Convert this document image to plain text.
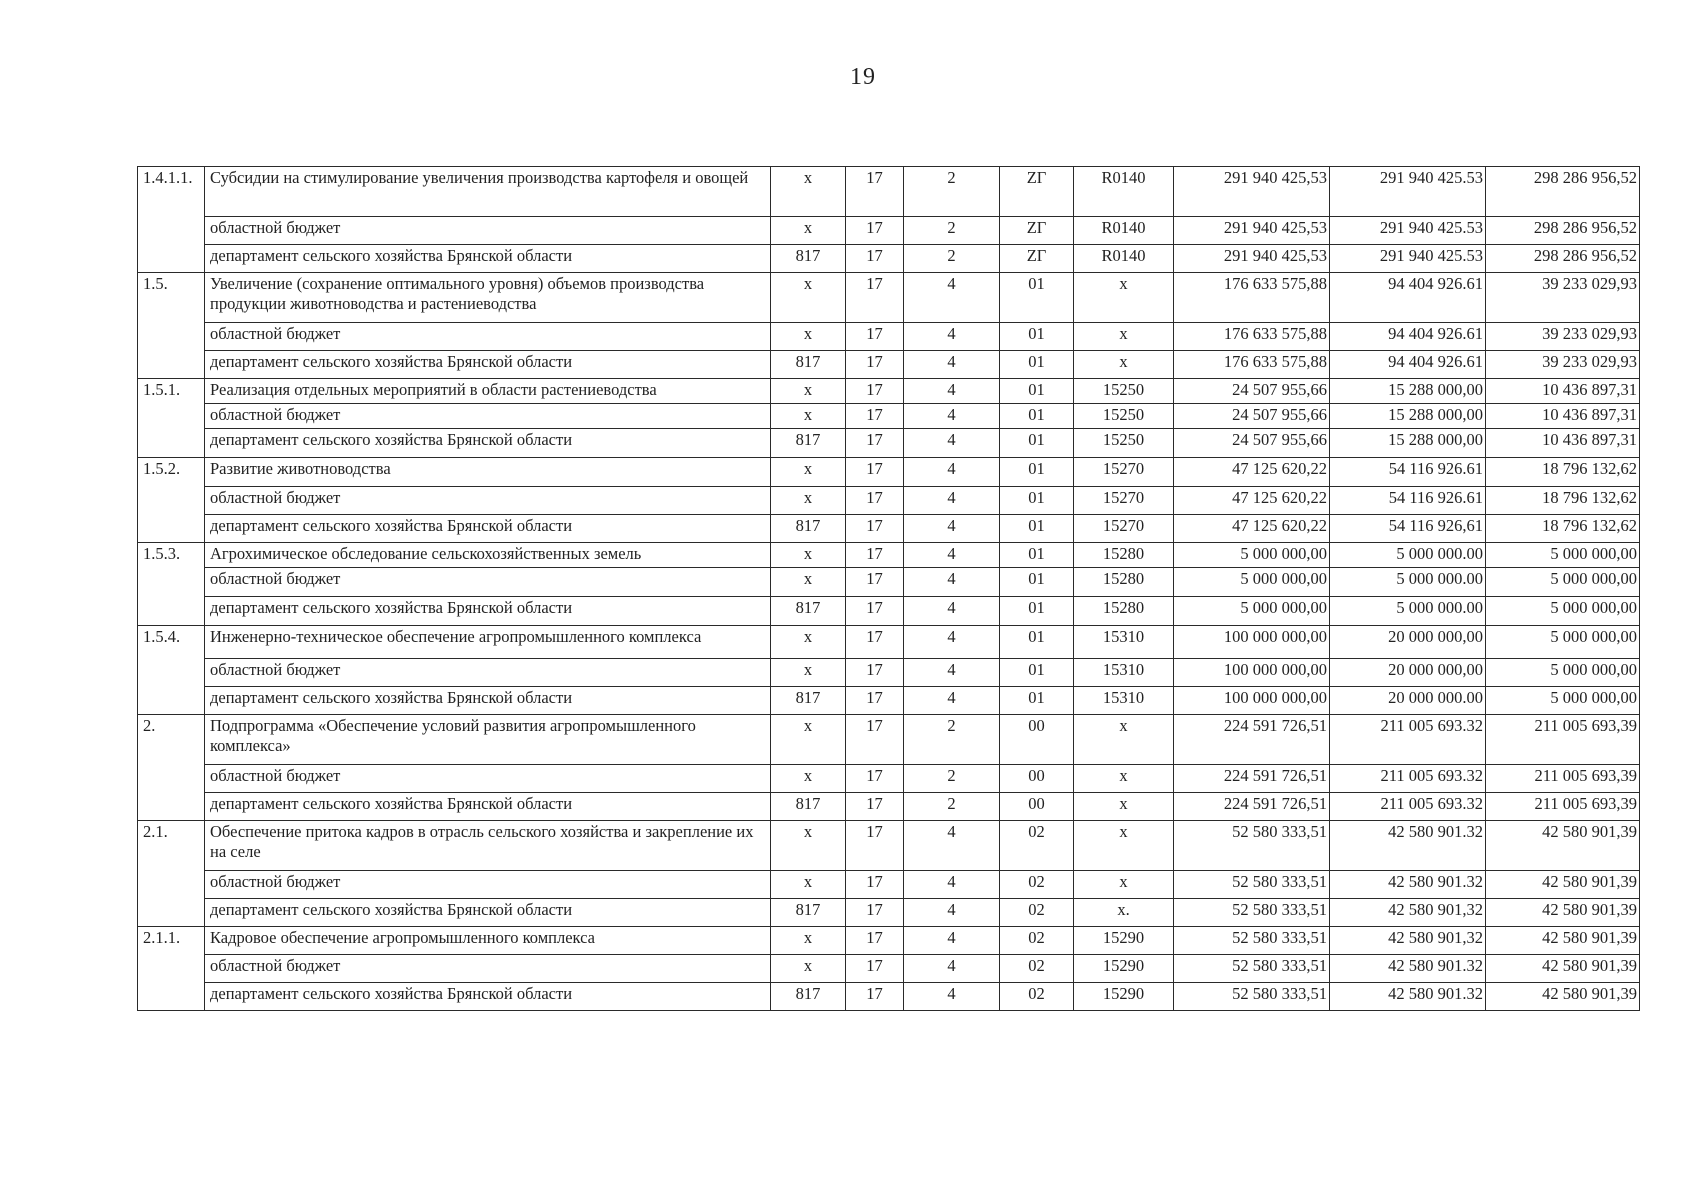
19
1.4.1.1.	Субсидии на стимулирование увеличения производства картофеля и овощей	х	17	2	ZГ	R0140	291 940 425,53	291 940 425.53	298 286 956,52
	областной бюджет	х	17	2	ZГ	R0140	291 940 425,53	291 940 425.53	298 286 956,52
	департамент сельского хозяйства Брянской области	817	17	2	ZГ	R0140	291 940 425,53	291 940 425.53	298 286 956,52
1.5.	Увеличение (сохранение оптимального уровня) объемов производства продукции животноводства и растениеводства	х	17	4	01	х	176 633 575,88	94 404 926.61	39 233 029,93
	областной бюджет	х	17	4	01	х	176 633 575,88	94 404 926.61	39 233 029,93
	департамент сельского хозяйства Брянской области	817	17	4	01	х	176 633 575,88	94 404 926.61	39 233 029,93
1.5.1.	Реализация отдельных мероприятий в области растениеводства	х	17	4	01	15250	24 507 955,66	15 288 000,00	10 436 897,31
	областной бюджет	х	17	4	01	15250	24 507 955,66	15 288 000,00	10 436 897,31
	департамент сельского хозяйства Брянской области	817	17	4	01	15250	24 507 955,66	15 288 000,00	10 436 897,31
1.5.2.	Развитие животноводства	х	17	4	01	15270	47 125 620,22	54 116 926.61	18 796 132,62
	областной бюджет	х	17	4	01	15270	47 125 620,22	54 116 926.61	18 796 132,62
	департамент сельского хозяйства Брянской области	817	17	4	01	15270	47 125 620,22	54 116 926,61	18 796 132,62
1.5.3.	Агрохимическое обследование сельскохозяйственных земель	х	17	4	01	15280	5 000 000,00	5 000 000.00	5 000 000,00
	областной бюджет	х	17	4	01	15280	5 000 000,00	5 000 000.00	5 000 000,00
	департамент сельского хозяйства Брянской области	817	17	4	01	15280	5 000 000,00	5 000 000.00	5 000 000,00
1.5.4.	Инженерно-техническое обеспечение агропромышленного комплекса	х	17	4	01	15310	100 000 000,00	20 000 000,00	5 000 000,00
	областной бюджет	х	17	4	01	15310	100 000 000,00	20 000 000,00	5 000 000,00
	департамент сельского хозяйства Брянской области	817	17	4	01	15310	100 000 000,00	20 000 000.00	5 000 000,00
2.	Подпрограмма «Обеспечение условий развития агропромышленного комплекса»	х	17	2	00	х	224 591 726,51	211 005 693.32	211 005 693,39
	областной бюджет	х	17	2	00	х	224 591 726,51	211 005 693.32	211 005 693,39
	департамент сельского хозяйства Брянской области	817	17	2	00	х	224 591 726,51	211 005 693.32	211 005 693,39
2.1.	Обеспечение притока кадров в отрасль сельского хозяйства и закрепление их на селе	х	17	4	02	х	52 580 333,51	42 580 901.32	42 580 901,39
	областной бюджет	х	17	4	02	х	52 580 333,51	42 580 901.32	42 580 901,39
	департамент сельского хозяйства Брянской области	817	17	4	02	х.	52 580 333,51	42 580 901,32	42 580 901,39
2.1.1.	Кадровое обеспечение агропромышленного комплекса	х	17	4	02	15290	52 580 333,51	42 580 901,32	42 580 901,39
	областной бюджет	х	17	4	02	15290	52 580 333,51	42 580 901.32	42 580 901,39
	департамент сельского хозяйства Брянской области	817	17	4	02	15290	52 580 333,51	42 580 901.32	42 580 901,39
